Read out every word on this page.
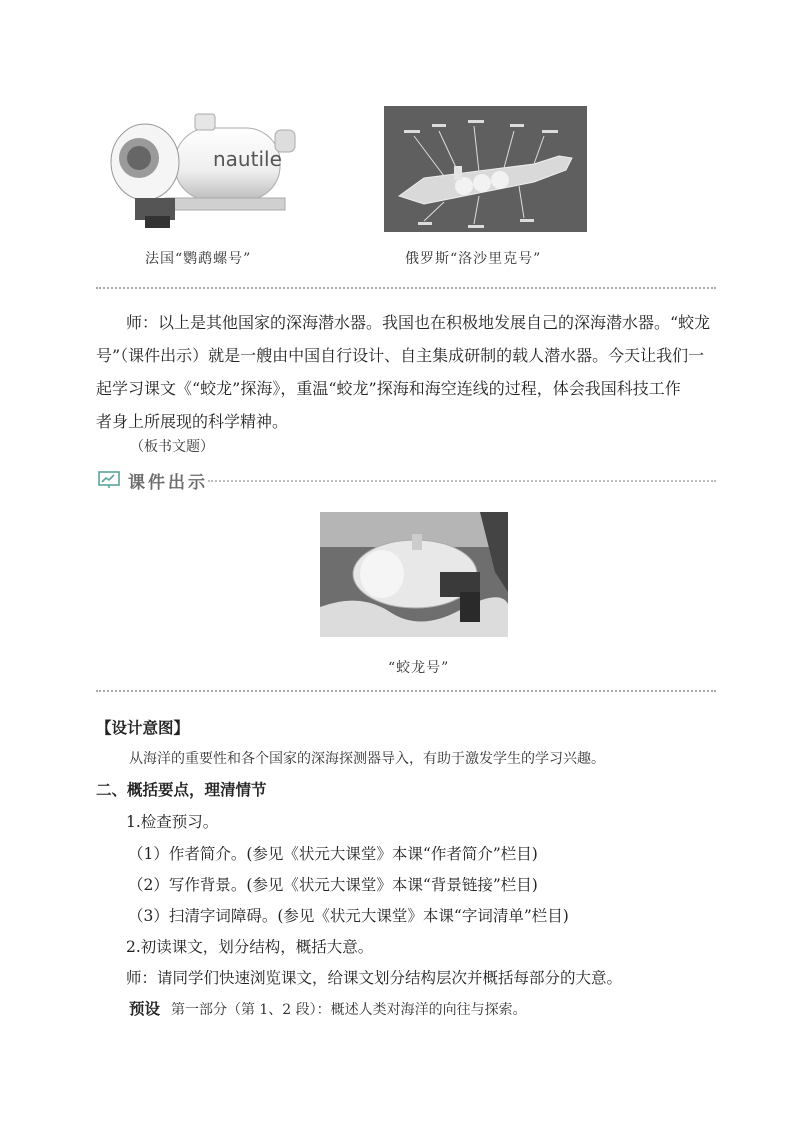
nautile
法国“鹦鹉螺号”	俄罗斯“洛沙里克号”
师：以上是其他国家的深海潜水器。我国也在积极地发展自己的深海潜水器。“蛟龙
号”（课件出示）就是一艘由中国自行设计、自主集成研制的载人潜水器。今天让我们一
起学习课文《“蛟龙”探海》，重温“蛟龙”探海和海空连线的过程，体会我国科技工作
者身上所展现的科学精神。
（板书文题）
课件出示
“蛟龙号”
【设计意图】
从海洋的重要性和各个国家的深海探测器导入，有助于激发学生的学习兴趣。
二、概括要点，理清情节
1.检查预习。
（1）作者简介。(参见《状元大课堂》本课“作者简介”栏目)
（2）写作背景。(参见《状元大课堂》本课“背景链接”栏目)
（3）扫清字词障碍。(参见《状元大课堂》本课“字词清单”栏目)
2.初读课文，划分结构，概括大意。
师：请同学们快速浏览课文，给课文划分结构层次并概括每部分的大意。
预设 第一部分（第 1、2 段）：概述人类对海洋的向往与探索。
